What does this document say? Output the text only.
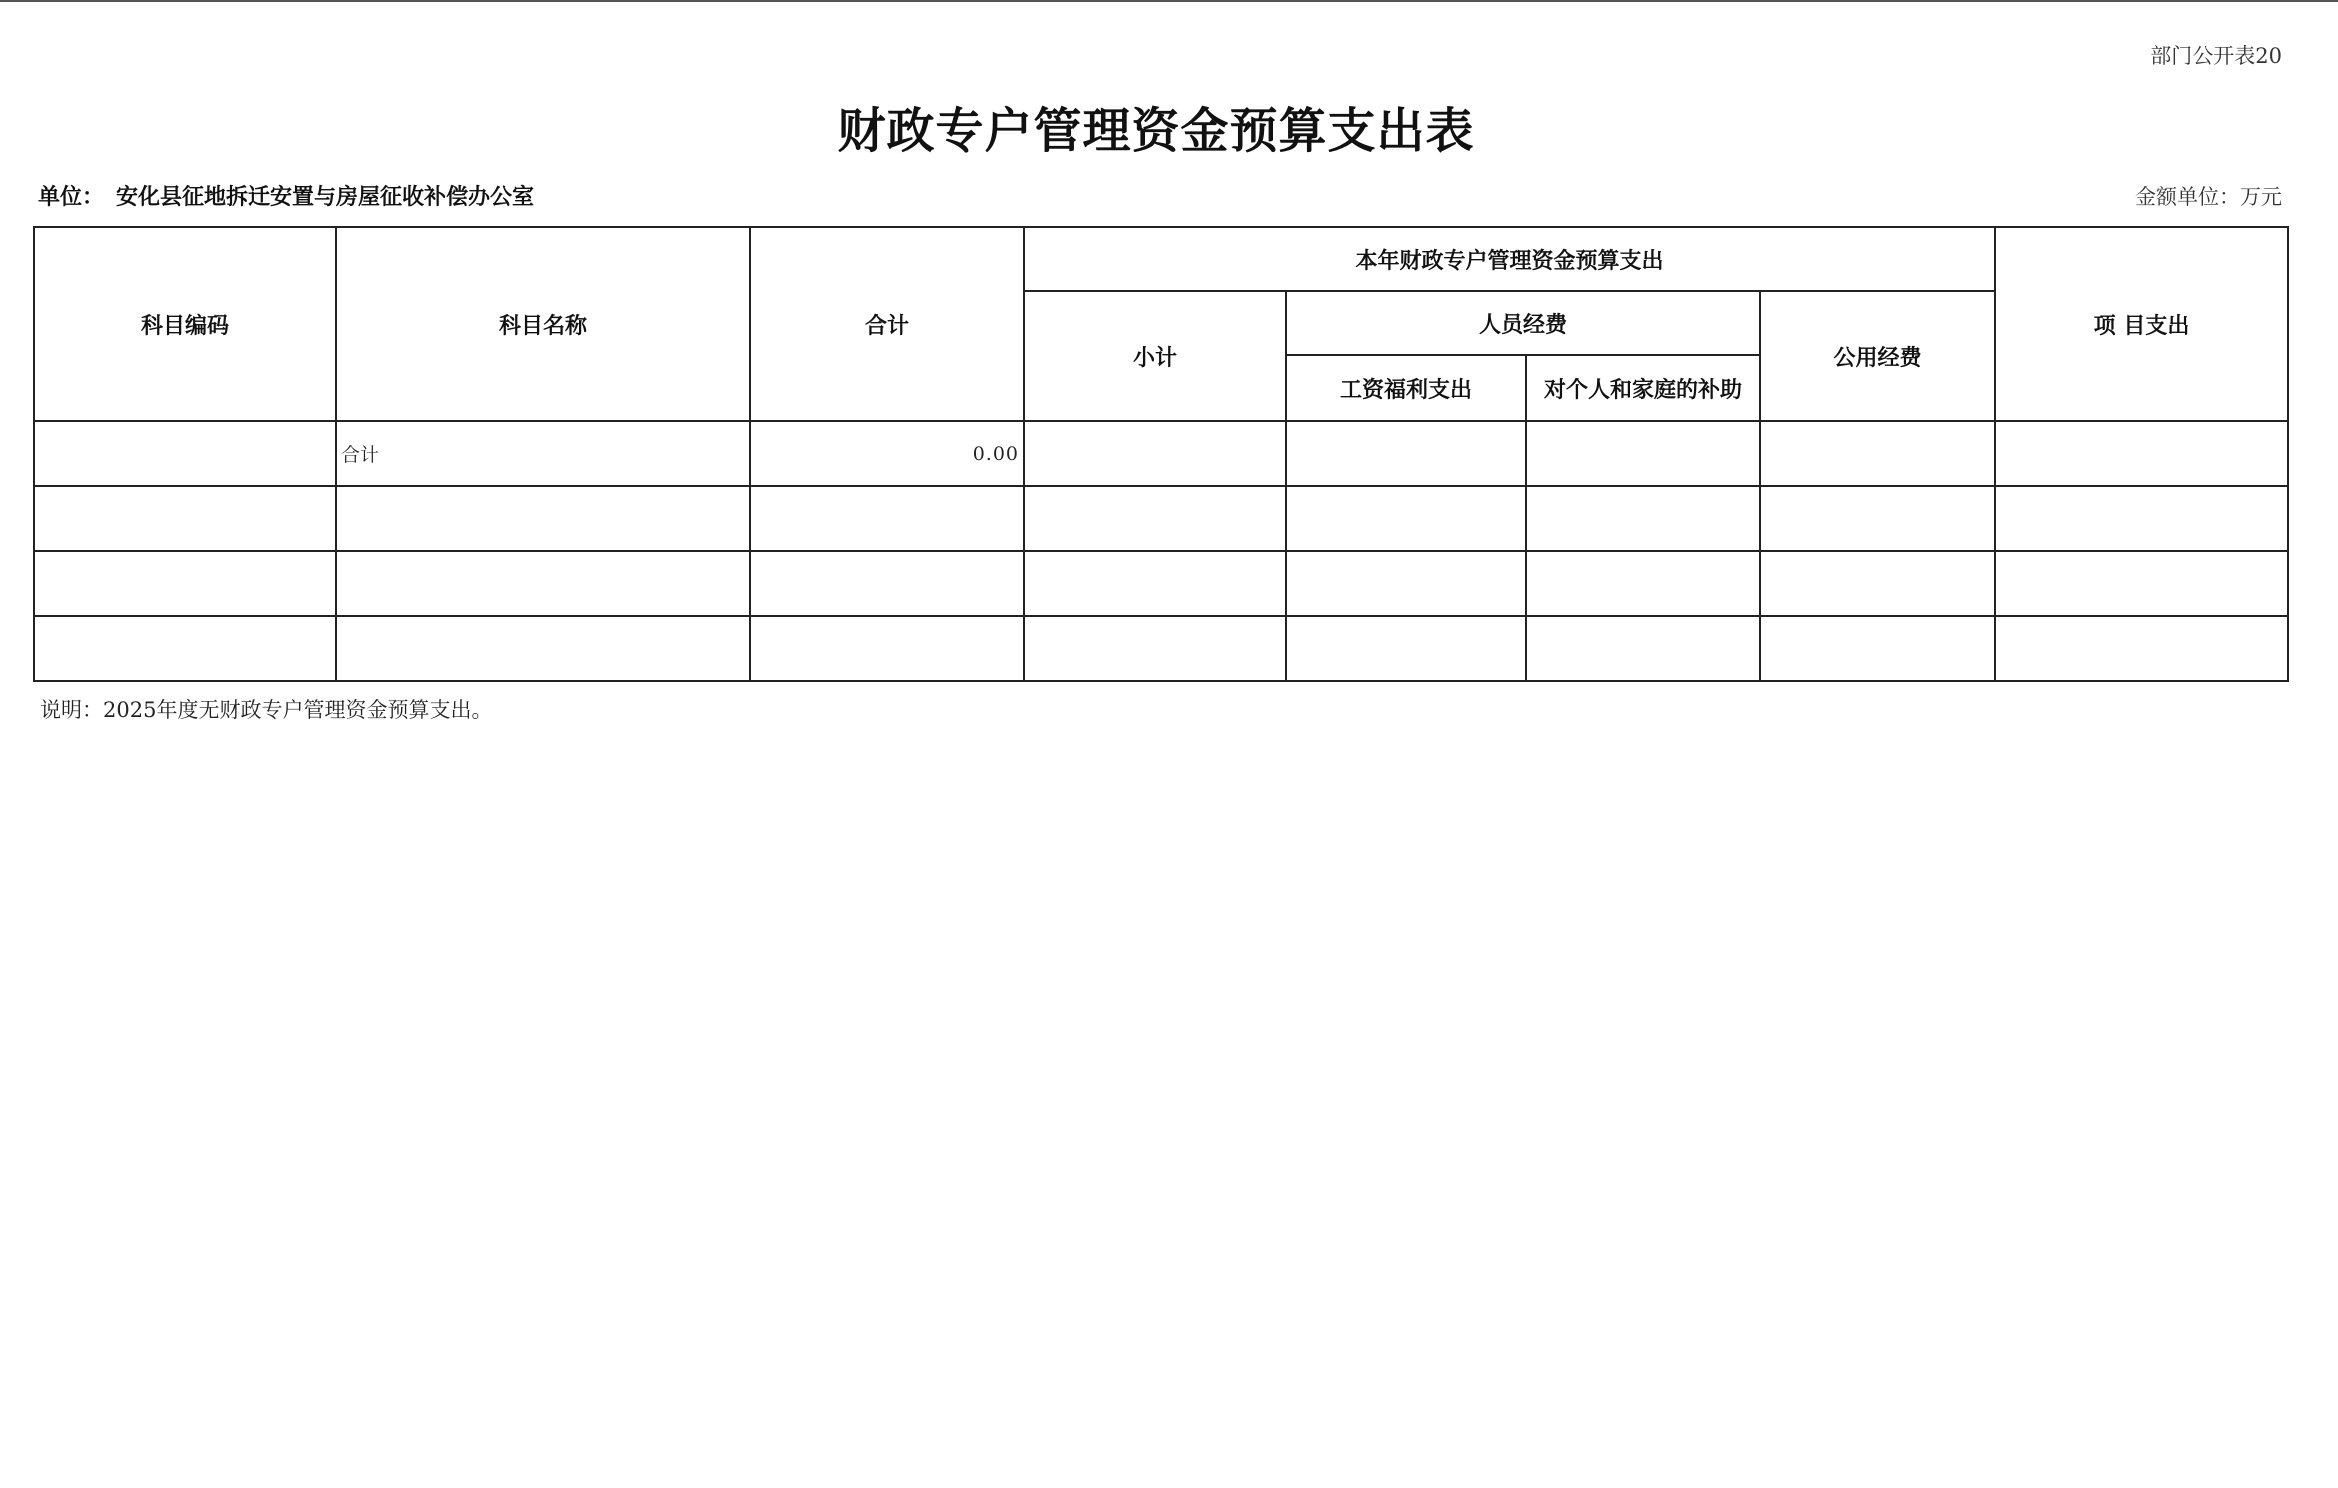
部门公开表20
财政专户管理资金预算支出表
单位： 安化县征地拆迁安置与房屋征收补偿办公室	金额单位：万元
科目编码	科目名称	合计	本年财政专户管理资金预算支出				项 目支出
			小计	人员经费		公用经费	
				工资福利支出	对个人和家庭的补助		
	合计	0.00					

说明：2025年度无财政专户管理资金预算支出。
